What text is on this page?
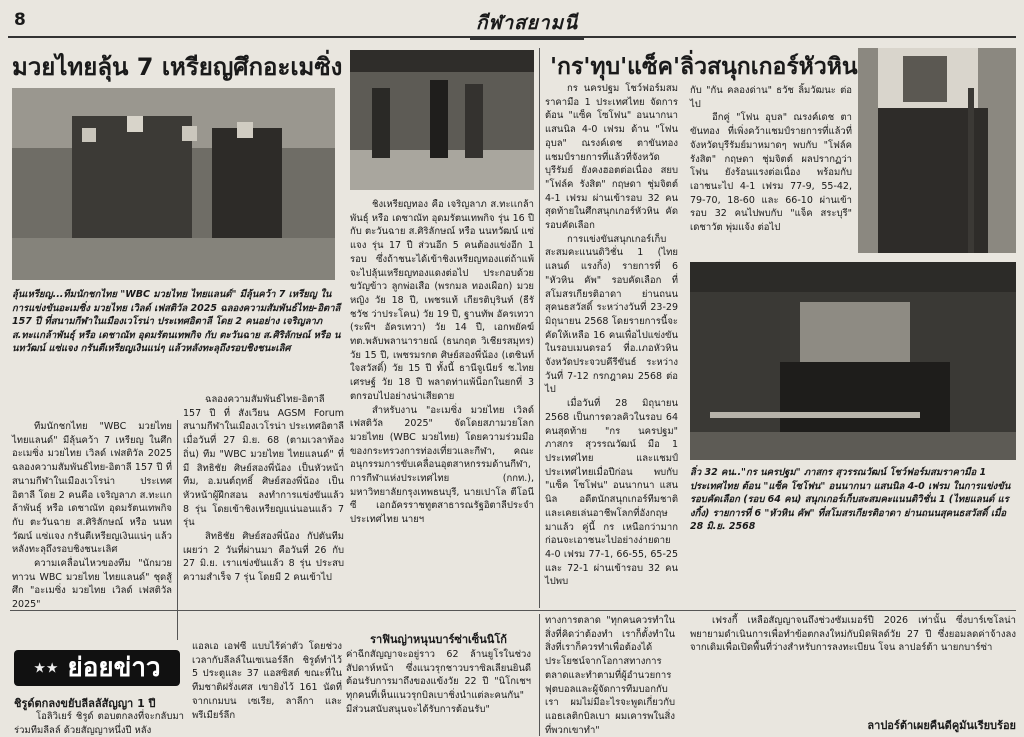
8	กีฬาสยามนี
มวยไทยลุ้น 7 เหรียญศึกอะเมซิ่ง
ลุ้นเหรียญ...ทีมนักชกไทย "WBC มวยไทย ไทยแลนด์" มีลุ้นคว้า 7 เหรียญ ในการแข่งขันอะเมซิ่ง มวยไทย เวิลด์ เฟสติวัล 2025 ฉลองความสัมพันธ์ไทย-อิตาลี 157 ปี ที่สนามกีฬาในเมืองเวโรน่า ประเทศอิตาลี โดย 2 คนอย่าง เจริญลาภ ส.ทะเเกล้าพันธุ์ หรือ เดชาณัท อุดมรัตนเทพกิจ กับ ตะวันฉาย ส.ศิริลักษณ์ หรือ นนทวัฒน์ แซ่แจง กรันตีเหรียญเงินแน่ๆ แล้วหลังทะลุถึงรอบชิงชนะเลิศ

ทีมนักชกไทย "WBC มวยไทย ไทยแลนด์" มีลุ้นคว้า 7 เหรียญ ในศึกอะเมซิ่ง มวยไทย เวิลด์ เฟสติวัล 2025 ฉลองความสัมพันธ์ไทย-อิตาลี 157 ปี ที่สนามกีฬาในเมืองเวโรน่า ประเทศอิตาลี โดย 2 คนคือ เจริญลาภ ส.ทะเเกล้าพันธุ์ หรือ เดชาณัท อุดมรัตนเทพกิจ กับ ตะวันฉาย ส.ศิริลักษณ์ หรือ นนทวัฒน์ แซ่แจง กรันตีเหรียญเงินแน่ๆ แล้ว หลังทะลุถึงรอบชิงชนะเลิศ

ความเคลื่อนไหวของทีม "นักมวยทาวน WBC มวยไทย ไทยแลนด์" ชุดสู้ศึก "อะเมซิ่ง มวยไทย เวิลด์ เฟสติวัล 2025"

ฉลองความสัมพันธ์ไทย-อิตาลี 157 ปี ที่ สังเวียน AGSM Forum สนามกีฬาในเมืองเวโรน่า ประเทศอิตาลี เมื่อวันที่ 27 มิ.ย. 68 (ตามเวลาท้องถิ่น) ทีม "WBC มวยไทย ไทยแลนด์" ที่มี สิทธิชัย ศิษย์สองพี่น้อง เป็นหัวหน้าทีม, อ.มนต์ฤทธิ์ ศิษย์สองพี่น้อง เป็นหัวหน้าผู้ฝึกสอน ลงทำการแข่งขันแล้ว 8 รุ่น โดยเข้าชิงเหรียญแน่นอนแล้ว 7 รุ่น

สิทธิชัย ศิษย์สองพี่น้อง กัปตันทีม เผยว่า 2 วันที่ผ่านมา คือวันที่ 26 กับ 27 มิ.ย. เราแข่งขันแล้ว 8 รุ่น ประสบความสำเร็จ 7 รุ่น โดยมี 2 คนเข้าไป

ชิงเหรียญทอง คือ เจริญลาภ ส.ทะเเกล้าพันธุ์ หรือ เดชาณัท อุดมรัตนเทพกิจ รุ่น 16 ปี กับ ตะวันฉาย ส.ศิริลักษณ์ หรือ นนทวัฒน์ แซ่แจง รุ่น 17 ปี ส่วนอีก 5 คนต้องแข่งอีก 1 รอบ ซึ่งถ้าชนะได้เข้าชิงเหรียญทองแต่ถ้าแพ้จะไปลุ้นเหรียญทองแดงต่อไป ประกอบด้วย ขวัญข้าว ลูกพ่อเสือ (พรกมล ทองเผือก) มวยหญิง วัย 18 ปี, เพชรแท้ เกียรติบุรินท์ (ธีรัชวัช ว่าประโคน) วัย 19 ปี, ฐานทัพ อัครเทวา (ระพีฯ อัครเทวา) วัย 14 ปี, เอกพยัคฆ์ ทต.พลับพลานารายณ์ (ธนกฤต วิเชียรสมุทร) วัย 15 ปี, เพชรมรกต ศิษย์สองพี่น้อง (เตชินท์ ใจสวัสดิ์) วัย 15 ปี ทั้งนี้ ธานีจูเนียร์ ช.ไทยเศรษฐ์ วัย 18 ปี พลาดท่าแพ้น็อกในยกที่ 3 ตกรอบไปอย่างน่าเสียดาย

สำหรับงาน "อะเมซิ่ง มวยไทย เวิลด์ เฟสติวัล 2025" จัดโดยสภามวยโลก มวยไทย (WBC มวยไทย) โดยความร่วมมือของกระทรวงการท่องเที่ยวและกีฬา, คณะอนุกรรมการขับเคลื่อนอุตสาหกรรมด้านกีฬา, การกีฬาแห่งประเทศไทย (กกท.), มหาวิทยาลัยกรุงเทพธนบุรี, นายเปาโล ตีโอนีซี เอกอัครราชทูตสาธารณรัฐอิตาลีประจำประเทศไทย นายฯ

'กร'ทุบ'แซ็ค'ลิ่วสนุกเกอร์หัวหิน

กร นครปฐม โชว์ฟอร์มสมราคามือ 1 ประเทศไทย จัดการต้อน "แซ็ค โซโฟน" อนนากนา แสนนิล 4-0 เฟรม ด้าน "โฟน อุบล" ณรงค์เดช ตาขันทอง แชมป์รายการที่แล้วที่จังหวัดบุรีรัมย์ ยังคงฮอตต่อเนื่อง สยบ "โฟล์ค รังสิต" กฤษดา ชุ่มจิตต์ 4-1 เฟรม ผ่านเข้ารอบ 32 คนสุดท้ายในศึกสนุกเกอร์หัวหิน คัดรอบคัดเลือก

การแข่งขันสนุกเกอร์เก็บสะสมคะแนนดิวิชั่น 1 (ไทยแลนด์ แรงกิ้ง) รายการที่ 6 "หัวหิน คัพ" รอบคัดเลือก ที่สโมสรเกียรติอาดา ย่านถนนสุคนธสวัสดิ์ ระหว่างวันที่ 23-29 มิถุนายน 2568 โดยรายการนี้จะคัดให้เหลือ 16 คนเพื่อไปแข่งขันในรอบเมนดรอว์ ที่อ.เภอหัวหิน จังหวัดประจวบคีรีขันธ์ ระหว่างวันที่ 7-12 กรกฎาคม 2568 ต่อไป

เมื่อวันที่ 28 มิถุนายน 2568 เป็นการดวลคิวในรอบ 64 คนสุดท้าย "กร นครปฐม" ภาสกร สุวรรณวัฒน์ มือ 1 ประเทศไทย และแชมป์ประเทศไทยเมื่อปีก่อน พบกับ "แซ็ค โซโฟน" อนนากนา แสนนิล อดีตนักสนุกเกอร์ทีมชาติ และเคยเล่นอาชีพโลกที่อังกฤษมาแล้ว คู่นี้ กร เหนือกว่ามาก ก่อนจะเอาชนะไปอย่างง่ายดาย 4-0 เฟรม 77-1, 66-55, 65-25 และ 72-1 ผ่านเข้ารอบ 32 คนไปพบ

กับ "กัน คลองด่าน" ธวัช ลิ้มวัฒนะ ต่อไป

อีกคู่ "โฟน อุบล" ณรงค์เดช ตาขันทอง ที่เพิ่งคว้าแชมป์รายการที่แล้วที่จังหวัดบุรีรัมย์มาหมาดๆ พบกับ "โฟล์ค รังสิต" กฤษดา ชุ่มจิตต์ ผลปรากฏว่า โฟน ยังร้อนแรงต่อเนื่อง พร้อมกับเอาชนะไป 4-1 เฟรม 77-9, 55-42, 79-70, 18-60 และ 66-10 ผ่านเข้ารอบ 32 คนไปพบกับ "แจ็ค สระบุรี" เดชาวัต พุ่มแจ้ง ต่อไป

ลิ่ว 32 คน.."กร นครปฐม" ภาสกร สุวรรณวัฒน์ โชว์ฟอร์มสมราคามือ 1 ประเทศไทย ต้อน "แซ็ค โซโฟน" อนนากนา แสนนิล 4-0 เฟรม ในการแข่งขันรอบคัดเลือก (รอบ 64 คน) สนุกเกอร์เก็บสะสมคะแนนดิวิชั่น 1 (ไทยแลนด์ แรงกิ้ง) รายการที่ 6 "หัวหิน คัพ" ที่สโมสรเกียรติอาดา ย่านถนนสุคนธสวัสดิ์ เมื่อ 28 มิ.ย. 2568
★★ ย่อยข่าว
ชิรูด์ตกลงขยับลีลลัสัญญา 1 ปี

โอลิวิเยร์ ชิรูด์ ตอบตกลงที่จะกลับมาร่วมทีมลีลล์ ด้วยสัญญาหนึ่งปี หลัง

แอลเอ เอฟซี แบบไร้ค่าตัว โดยช่วงเวลากับลีลล์ในเซเนอร์ลีก ชิรูด์ทำไว้ 5 ประตูและ 37 แอสซิสต์ ขณะที่ในทีมชาติฝรั่งเศส เขายิงไว้ 161 นัดที่ จากเกมบน เซเรีย, ลาลีกา และพรีเมียร์ลีก

ราฟินญ่าหนุนบาร์ซ่าเซ็นนิโก้

ค่าฉีกสัญญาจะอยู่ราว 62 ล้านยูโรในช่วงสัปดาห์หน้า ซึ่งแนวรุกชาวบราซิลเลียนยินดีต้อนรับการมาถึงของแข้งวัย 22 ปี "นิโกเชฯทุกคนที่เห็นแนวรุกบิลเบาชิ่งนำแต่ละคนกัน" มีส่วนสนับสนุนจะได้รับการต้อนรับ"

ทางการตลาด "ทุกคนควรทำในสิ่งที่คิดว่าต้องทำ เราก็ตั้งทำในสิ่งที่เราก็ควรทำเพื่อต้องได้ประโยชน์จากโอกาสทางการตลาดและทำตามที่ผู้อำนวยการฟุตบอลและผู้จัดการทีมบอกกับเรา ผมไม่มีอะไรจะพูดเกี่ยวกับแอธเลติกบิลเบา ผมเคารพในสิ่งที่พวกเขาทำ"

เฟรงกี้ เหลือสัญญาจนถึงช่วงซัมเมอร์ปี 2026 เท่านั้น ซึ่งบาร์เซโลน่าพยายามดำเนินการเพื่อทำข้อตกลงใหม่กับมิดฟิลด์วัย 27 ปี ซึ่งยอมลดค่าจ้างลงจากเดิมเพื่อเปิดพื้นที่ว่างสำหรับการลงทะเบียน โจน ลาปอร์ต้า นายกบาร์ซ่า

ลาปอร์ต้าเผยคืนดีคูมันเรียบร้อย
